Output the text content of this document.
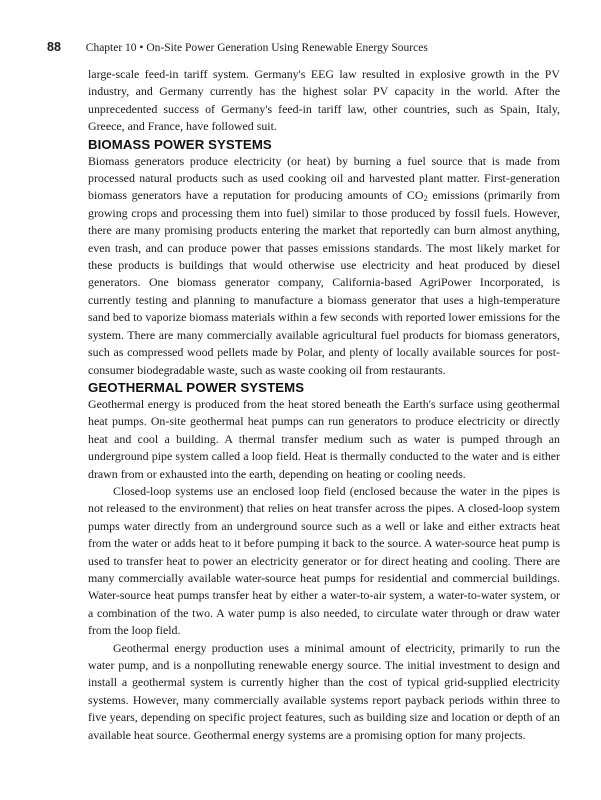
88 Chapter 10 • On-Site Power Generation Using Renewable Energy Sources

large-scale feed-in tariff system. Germany's EEG law resulted in explosive growth in the PV industry, and Germany currently has the highest solar PV capacity in the world. After the unprecedented success of Germany's feed-in tariff law, other countries, such as Spain, Italy, Greece, and France, have followed suit.

BIOMASS POWER SYSTEMS

Biomass generators produce electricity (or heat) by burning a fuel source that is made from processed natural products such as used cooking oil and harvested plant matter. First-generation biomass generators have a reputation for producing amounts of $CO_2$ emissions (primarily from growing crops and processing them into fuel) similar to those produced by fossil fuels. However, there are many promising products entering the market that reportedly can burn almost anything, even trash, and can produce power that passes emissions standards. The most likely market for these products is buildings that would otherwise use electricity and heat produced by diesel generators. One biomass generator company, California-based AgriPower Incorporated, is currently testing and planning to manufacture a biomass generator that uses a high-temperature sand bed to vaporize biomass materials within a few seconds with reported lower emissions for the system. There are many commercially available agricultural fuel products for biomass generators, such as compressed wood pellets made by Polar, and plenty of locally available sources for post-consumer biodegradable waste, such as waste cooking oil from restaurants.

GEOTHERMAL POWER SYSTEMS

Geothermal energy is produced from the heat stored beneath the Earth's surface using geothermal heat pumps. On-site geothermal heat pumps can run generators to produce electricity or directly heat and cool a building. A thermal transfer medium such as water is pumped through an underground pipe system called a loop field. Heat is thermally conducted to the water and is either drawn from or exhausted into the earth, depending on heating or cooling needs.

Closed-loop systems use an enclosed loop field (enclosed because the water in the pipes is not released to the environment) that relies on heat transfer across the pipes. A closed-loop system pumps water directly from an underground source such as a well or lake and either extracts heat from the water or adds heat to it before pumping it back to the source. A water-source heat pump is used to transfer heat to power an electricity generator or for direct heating and cooling. There are many commercially available water-source heat pumps for residential and commercial buildings. Water-source heat pumps transfer heat by either a water-to-air system, a water-to-water system, or a combination of the two. A water pump is also needed, to circulate water through or draw water from the loop field.

Geothermal energy production uses a minimal amount of electricity, primarily to run the water pump, and is a nonpolluting renewable energy source. The initial investment to design and install a geothermal system is currently higher than the cost of typical grid-supplied electricity systems. However, many commercially available systems report payback periods within three to five years, depending on specific project features, such as building size and location or depth of an available heat source. Geothermal energy systems are a promising option for many projects.
